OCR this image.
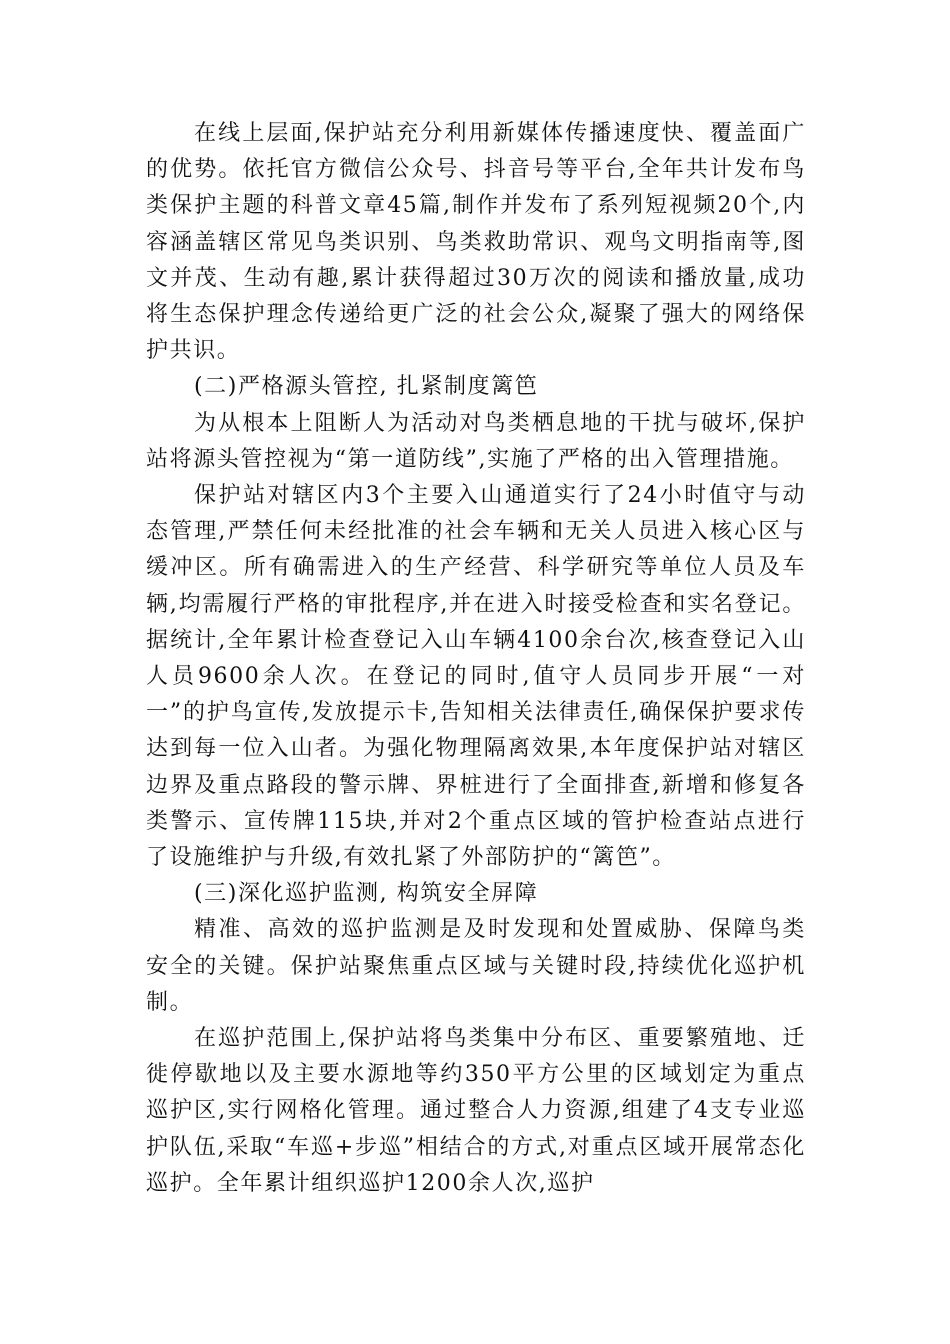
在线上层面,保护站充分利用新媒体传播速度快、覆盖面广的优势。依托官方微信公众号、抖音号等平台,全年共计发布鸟类保护主题的科普文章45篇,制作并发布了系列短视频20个,内容涵盖辖区常见鸟类识别、鸟类救助常识、观鸟文明指南等,图文并茂、生动有趣,累计获得超过30万次的阅读和播放量,成功将生态保护理念传递给更广泛的社会公众,凝聚了强大的网络保护共识。

(二)严格源头管控, 扎紧制度篱笆

为从根本上阻断人为活动对鸟类栖息地的干扰与破坏,保护站将源头管控视为“第一道防线”,实施了严格的出入管理措施。

保护站对辖区内3个主要入山通道实行了24小时值守与动态管理,严禁任何未经批准的社会车辆和无关人员进入核心区与缓冲区。所有确需进入的生产经营、科学研究等单位人员及车辆,均需履行严格的审批程序,并在进入时接受检查和实名登记。据统计,全年累计检查登记入山车辆4100余台次,核查登记入山人员9600余人次。在登记的同时,值守人员同步开展“一对一”的护鸟宣传,发放提示卡,告知相关法律责任,确保保护要求传达到每一位入山者。为强化物理隔离效果,本年度保护站对辖区边界及重点路段的警示牌、界桩进行了全面排查,新增和修复各类警示、宣传牌115块,并对2个重点区域的管护检查站点进行了设施维护与升级,有效扎紧了外部防护的“篱笆”。

(三)深化巡护监测, 构筑安全屏障

精准、高效的巡护监测是及时发现和处置威胁、保障鸟类安全的关键。保护站聚焦重点区域与关键时段,持续优化巡护机制。

在巡护范围上,保护站将鸟类集中分布区、重要繁殖地、迁徙停歇地以及主要水源地等约350平方公里的区域划定为重点巡护区,实行网格化管理。通过整合人力资源,组建了4支专业巡护队伍,采取“车巡+步巡”相结合的方式,对重点区域开展常态化巡护。全年累计组织巡护1200余人次,巡护
